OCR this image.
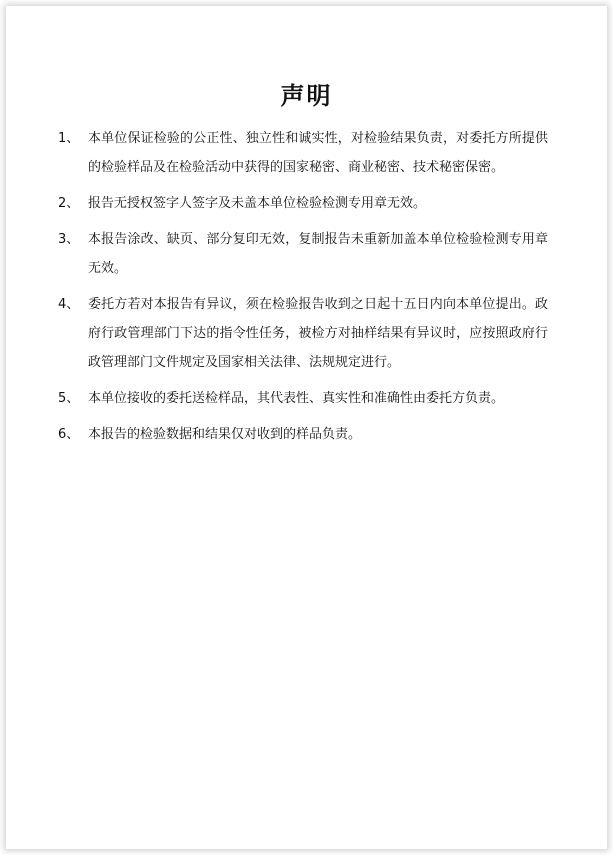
声明
1、 本单位保证检验的公正性、独立性和诚实性，对检验结果负责，对委托方所提供的检验样品及在检验活动中获得的国家秘密、商业秘密、技术秘密保密。
2、 报告无授权签字人签字及未盖本单位检验检测专用章无效。
3、 本报告涂改、缺页、部分复印无效，复制报告未重新加盖本单位检验检测专用章无效。
4、 委托方若对本报告有异议，须在检验报告收到之日起十五日内向本单位提出。政府行政管理部门下达的指令性任务，被检方对抽样结果有异议时，应按照政府行政管理部门文件规定及国家相关法律、法规规定进行。
5、 本单位接收的委托送检样品，其代表性、真实性和准确性由委托方负责。
6、 本报告的检验数据和结果仅对收到的样品负责。
